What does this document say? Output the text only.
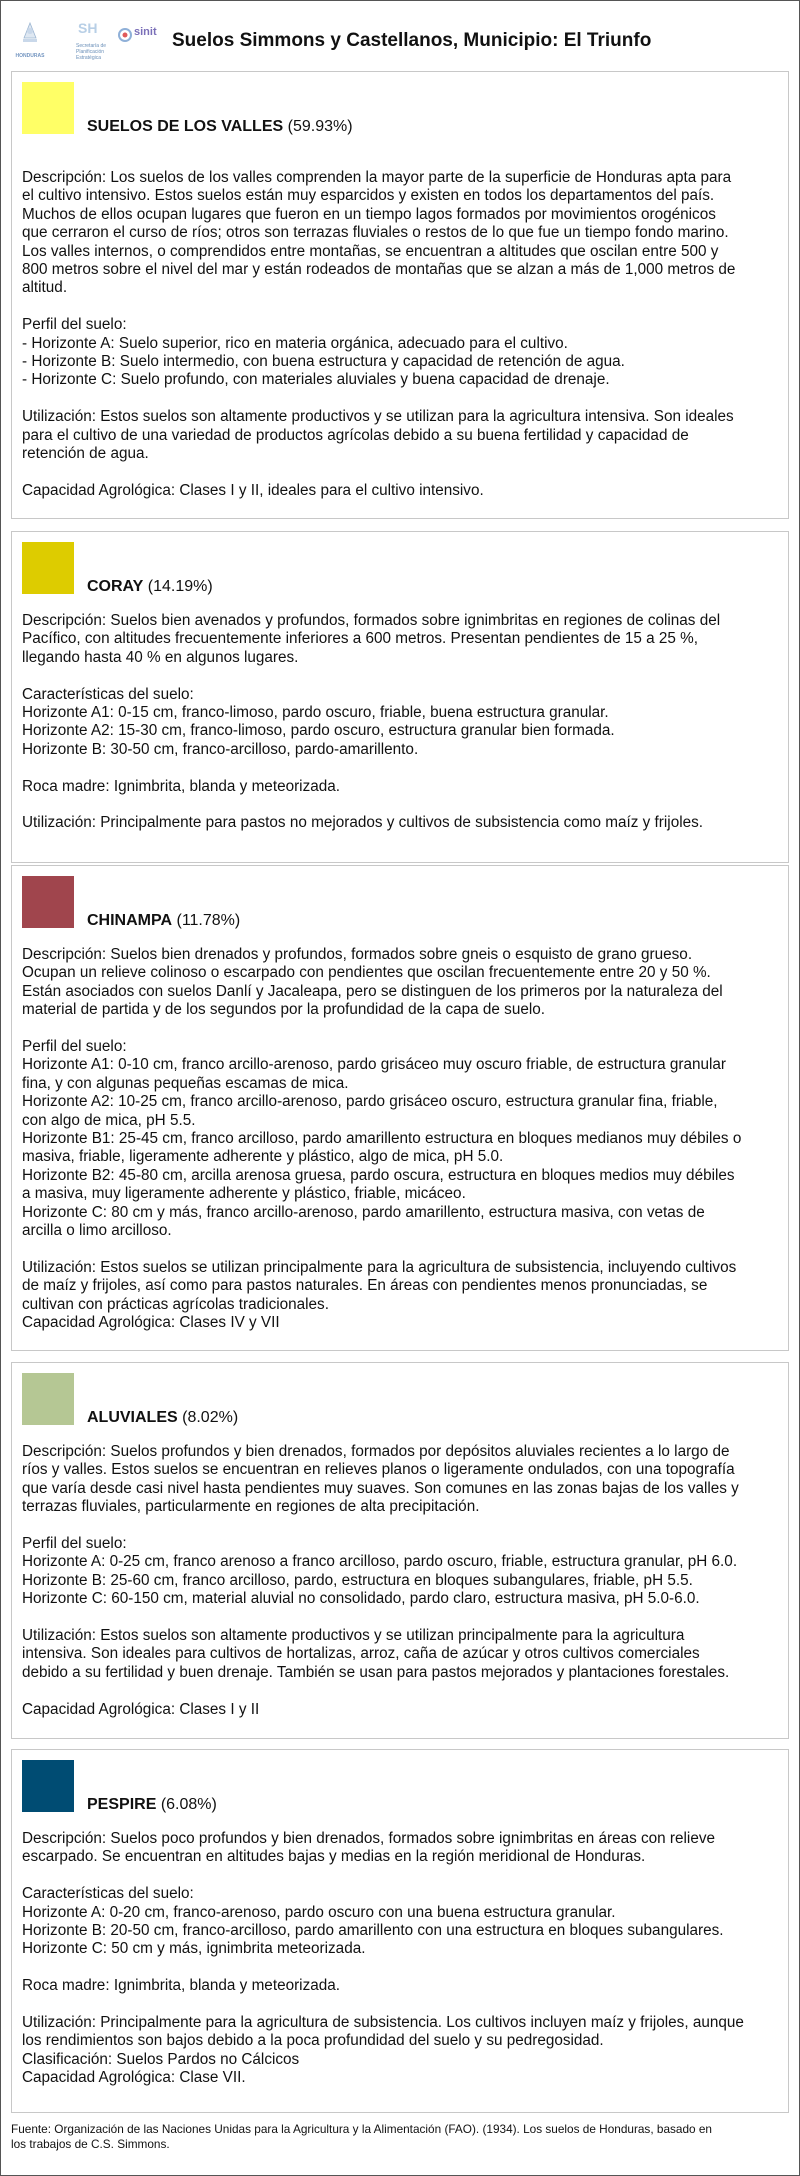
HONDURAS
SH
Secretaría de Planificación Estratégica
sinit Suelos Simmons y Castellanos, Municipio: El Triunfo
SUELOS DE LOS VALLES (59.93%)

Descripción: Los suelos de los valles comprenden la mayor parte de la superficie de Honduras apta para

el cultivo intensivo. Estos suelos están muy esparcidos y existen en todos los departamentos del país.

Muchos de ellos ocupan lugares que fueron en un tiempo lagos formados por movimientos orogénicos

que cerraron el curso de ríos; otros son terrazas fluviales o restos de lo que fue un tiempo fondo marino.

Los valles internos, o comprendidos entre montañas, se encuentran a altitudes que oscilan entre 500 y

800 metros sobre el nivel del mar y están rodeados de montañas que se alzan a más de 1,000 metros de

altitud.

Perfil del suelo:

- Horizonte A: Suelo superior, rico en materia orgánica, adecuado para el cultivo.

- Horizonte B: Suelo intermedio, con buena estructura y capacidad de retención de agua.

- Horizonte C: Suelo profundo, con materiales aluviales y buena capacidad de drenaje.

Utilización: Estos suelos son altamente productivos y se utilizan para la agricultura intensiva. Son ideales

para el cultivo de una variedad de productos agrícolas debido a su buena fertilidad y capacidad de

retención de agua.

Capacidad Agrológica: Clases I y II, ideales para el cultivo intensivo.

CORAY (14.19%)

Descripción: Suelos bien avenados y profundos, formados sobre ignimbritas en regiones de colinas del

Pacífico, con altitudes frecuentemente inferiores a 600 metros. Presentan pendientes de 15 a 25 %,

llegando hasta 40 % en algunos lugares.

Características del suelo:

Horizonte A1: 0-15 cm, franco-limoso, pardo oscuro, friable, buena estructura granular.

Horizonte A2: 15-30 cm, franco-limoso, pardo oscuro, estructura granular bien formada.

Horizonte B: 30-50 cm, franco-arcilloso, pardo-amarillento.

Roca madre: Ignimbrita, blanda y meteorizada.

Utilización: Principalmente para pastos no mejorados y cultivos de subsistencia como maíz y frijoles.

CHINAMPA (11.78%)

Descripción: Suelos bien drenados y profundos, formados sobre gneis o esquisto de grano grueso.

Ocupan un relieve colinoso o escarpado con pendientes que oscilan frecuentemente entre 20 y 50 %.

Están asociados con suelos Danlí y Jacaleapa, pero se distinguen de los primeros por la naturaleza del

material de partida y de los segundos por la profundidad de la capa de suelo.

Perfil del suelo:

Horizonte A1: 0-10 cm, franco arcillo-arenoso, pardo grisáceo muy oscuro friable, de estructura granular

fina, y con algunas pequeñas escamas de mica.

Horizonte A2: 10-25 cm, franco arcillo-arenoso, pardo grisáceo oscuro, estructura granular fina, friable,

con algo de mica, pH 5.5.

Horizonte B1: 25-45 cm, franco arcilloso, pardo amarillento estructura en bloques medianos muy débiles o

masiva, friable, ligeramente adherente y plástico, algo de mica, pH 5.0.

Horizonte B2: 45-80 cm, arcilla arenosa gruesa, pardo oscura, estructura en bloques medios muy débiles

a masiva, muy ligeramente adherente y plástico, friable, micáceo.

Horizonte C: 80 cm y más, franco arcillo-arenoso, pardo amarillento, estructura masiva, con vetas de

arcilla o limo arcilloso.

Utilización: Estos suelos se utilizan principalmente para la agricultura de subsistencia, incluyendo cultivos

de maíz y frijoles, así como para pastos naturales. En áreas con pendientes menos pronunciadas, se

cultivan con prácticas agrícolas tradicionales.

Capacidad Agrológica: Clases IV y VII

ALUVIALES (8.02%)

Descripción: Suelos profundos y bien drenados, formados por depósitos aluviales recientes a lo largo de

ríos y valles. Estos suelos se encuentran en relieves planos o ligeramente ondulados, con una topografía

que varía desde casi nivel hasta pendientes muy suaves. Son comunes en las zonas bajas de los valles y

terrazas fluviales, particularmente en regiones de alta precipitación.

Perfil del suelo:

Horizonte A: 0-25 cm, franco arenoso a franco arcilloso, pardo oscuro, friable, estructura granular, pH 6.0.

Horizonte B: 25-60 cm, franco arcilloso, pardo, estructura en bloques subangulares, friable, pH 5.5.

Horizonte C: 60-150 cm, material aluvial no consolidado, pardo claro, estructura masiva, pH 5.0-6.0.

Utilización: Estos suelos son altamente productivos y se utilizan principalmente para la agricultura

intensiva. Son ideales para cultivos de hortalizas, arroz, caña de azúcar y otros cultivos comerciales

debido a su fertilidad y buen drenaje. También se usan para pastos mejorados y plantaciones forestales.

Capacidad Agrológica: Clases I y II

PESPIRE (6.08%)

Descripción: Suelos poco profundos y bien drenados, formados sobre ignimbritas en áreas con relieve

escarpado. Se encuentran en altitudes bajas y medias en la región meridional de Honduras.

Características del suelo:

Horizonte A: 0-20 cm, franco-arenoso, pardo oscuro con una buena estructura granular.

Horizonte B: 20-50 cm, franco-arcilloso, pardo amarillento con una estructura en bloques subangulares.

Horizonte C: 50 cm y más, ignimbrita meteorizada.

Roca madre: Ignimbrita, blanda y meteorizada.

Utilización: Principalmente para la agricultura de subsistencia. Los cultivos incluyen maíz y frijoles, aunque

los rendimientos son bajos debido a la poca profundidad del suelo y su pedregosidad.

Clasificación: Suelos Pardos no Cálcicos

Capacidad Agrológica: Clase VII.

Fuente: Organización de las Naciones Unidas para la Agricultura y la Alimentación (FAO). (1934). Los suelos de Honduras, basado en
los trabajos de C.S. Simmons.
